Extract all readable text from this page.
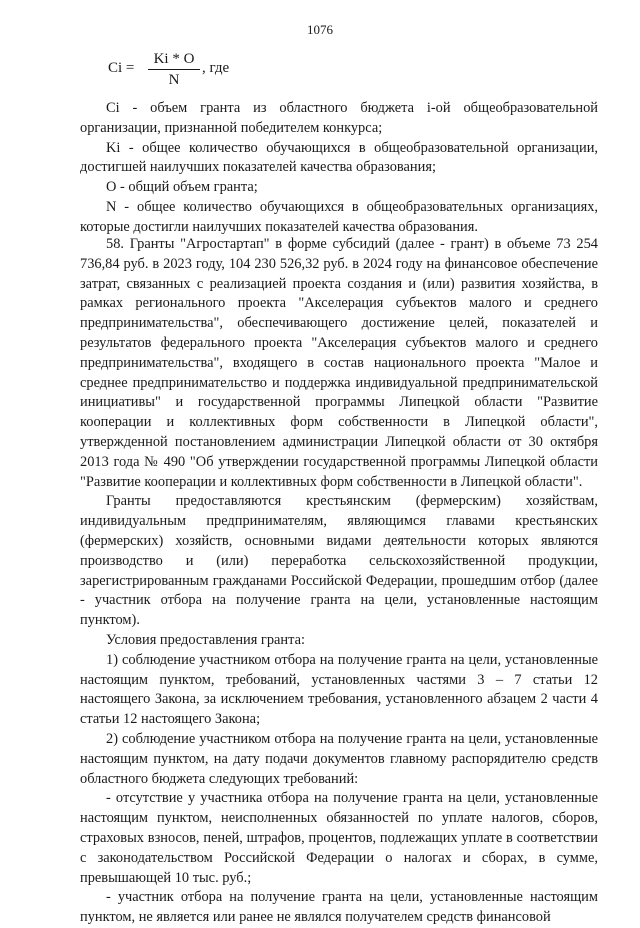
1076
$Ci = \frac{Ki * O}{N}$ , где

Ci - объем гранта из областного бюджета i-ой общеобразовательной организации, признанной победителем конкурса;

Ki - общее количество обучающихся в общеобразовательной организации, достигшей наилучших показателей качества образования;

O - общий объем гранта;

N - общее количество обучающихся в общеобразовательных организациях, которые достигли наилучших показателей качества образования.

58. Гранты "Агростартап" в форме субсидий (далее - грант) в объеме 73 254 736,84 руб. в 2023 году, 104 230 526,32 руб. в 2024 году на финансовое обеспечение затрат, связанных с реализацией проекта создания и (или) развития хозяйства, в рамках регионального проекта "Акселерация субъектов малого и среднего предпринимательства", обеспечивающего достижение целей, показателей и результатов федерального проекта "Акселерация субъектов малого и среднего предпринимательства", входящего в состав национального проекта "Малое и среднее предпринимательство и поддержка индивидуальной предпринимательской инициативы" и государственной программы Липецкой области "Развитие кооперации и коллективных форм собственности в Липецкой области", утвержденной постановлением администрации Липецкой области от 30 октября 2013 года № 490 "Об утверждении государственной программы Липецкой области "Развитие кооперации и коллективных форм собственности в Липецкой области".

Гранты предоставляются крестьянским (фермерским) хозяйствам, индивидуальным предпринимателям, являющимся главами крестьянских (фермерских) хозяйств, основными видами деятельности которых являются производство и (или) переработка сельскохозяйственной продукции, зарегистрированным гражданами Российской Федерации, прошедшим отбор (далее - участник отбора на получение гранта на цели, установленные настоящим пунктом).

Условия предоставления гранта:

1) соблюдение участником отбора на получение гранта на цели, установленные настоящим пунктом, требований, установленных частями 3 – 7 статьи 12 настоящего Закона, за исключением требования, установленного абзацем 2 части 4 статьи 12 настоящего Закона;

2) соблюдение участником отбора на получение гранта на цели, установленные настоящим пунктом, на дату подачи документов главному распорядителю средств областного бюджета следующих требований:

- отсутствие у участника отбора на получение гранта на цели, установленные настоящим пунктом, неисполненных обязанностей по уплате налогов, сборов, страховых взносов, пеней, штрафов, процентов, подлежащих уплате в соответствии с законодательством Российской Федерации о налогах и сборах, в сумме, превышающей 10 тыс. руб.;

- участник отбора на получение гранта на цели, установленные настоящим пунктом, не является или ранее не являлся получателем средств финансовой
